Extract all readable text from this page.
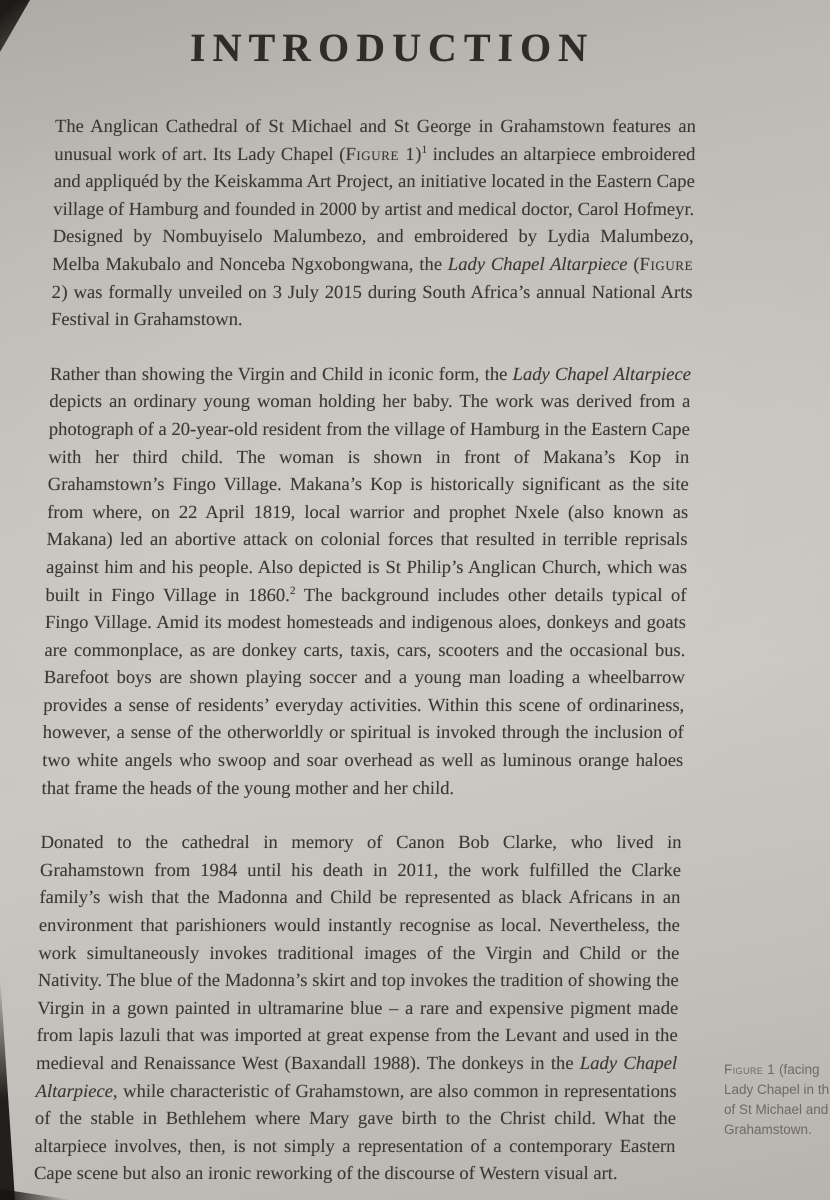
INTRODUCTION

The Anglican Cathedral of St Michael and St George in Grahamstown features an unusual work of art. Its Lady Chapel (Figure 1)$^1$ includes an altarpiece embroidered and appliquéd by the Keiskamma Art Project, an initiative located in the Eastern Cape village of Hamburg and founded in 2000 by artist and medical doctor, Carol Hofmeyr. Designed by Nombuyiselo Malumbezo, and embroidered by Lydia Malumbezo, Melba Makubalo and Nonceba Ngxobongwana, the Lady Chapel Altarpiece (Figure 2) was formally unveiled on 3 July 2015 during South Africa’s annual National Arts Festival in Grahamstown.

Rather than showing the Virgin and Child in iconic form, the Lady Chapel Altarpiece depicts an ordinary young woman holding her baby. The work was derived from a photograph of a 20-year-old resident from the village of Hamburg in the Eastern Cape with her third child. The woman is shown in front of Makana’s Kop in Grahamstown’s Fingo Village. Makana’s Kop is historically significant as the site from where, on 22 April 1819, local warrior and prophet Nxele (also known as Makana) led an abortive attack on colonial forces that resulted in terrible reprisals against him and his people. Also depicted is St Philip’s Anglican Church, which was built in Fingo Village in 1860.$^2$ The background includes other details typical of Fingo Village. Amid its modest homesteads and indigenous aloes, donkeys and goats are commonplace, as are donkey carts, taxis, cars, scooters and the occasional bus. Barefoot boys are shown playing soccer and a young man loading a wheelbarrow provides a sense of residents’ everyday activities. Within this scene of ordinariness, however, a sense of the otherworldly or spiritual is invoked through the inclusion of two white angels who swoop and soar overhead as well as luminous orange haloes that frame the heads of the young mother and her child.

Donated to the cathedral in memory of Canon Bob Clarke, who lived in Grahamstown from 1984 until his death in 2011, the work fulfilled the Clarke family’s wish that the Madonna and Child be represented as black Africans in an environment that parishioners would instantly recognise as local. Nevertheless, the work simultaneously invokes traditional images of the Virgin and Child or the Nativity. The blue of the Madonna’s skirt and top invokes the tradition of showing the Virgin in a gown painted in ultramarine blue – a rare and expensive pigment made from lapis lazuli that was imported at great expense from the Levant and used in the medieval and Renaissance West (Baxandall 1988). The donkeys in the Lady Chapel Altarpiece, while characteristic of Grahamstown, are also common in representations of the stable in Bethlehem where Mary gave birth to the Christ child. What the altarpiece involves, then, is not simply a representation of a contemporary Eastern Cape scene but also an ironic reworking of the discourse of Western visual art.

Figure 1 (facing
Lady Chapel in th
of St Michael and
Grahamstown.
